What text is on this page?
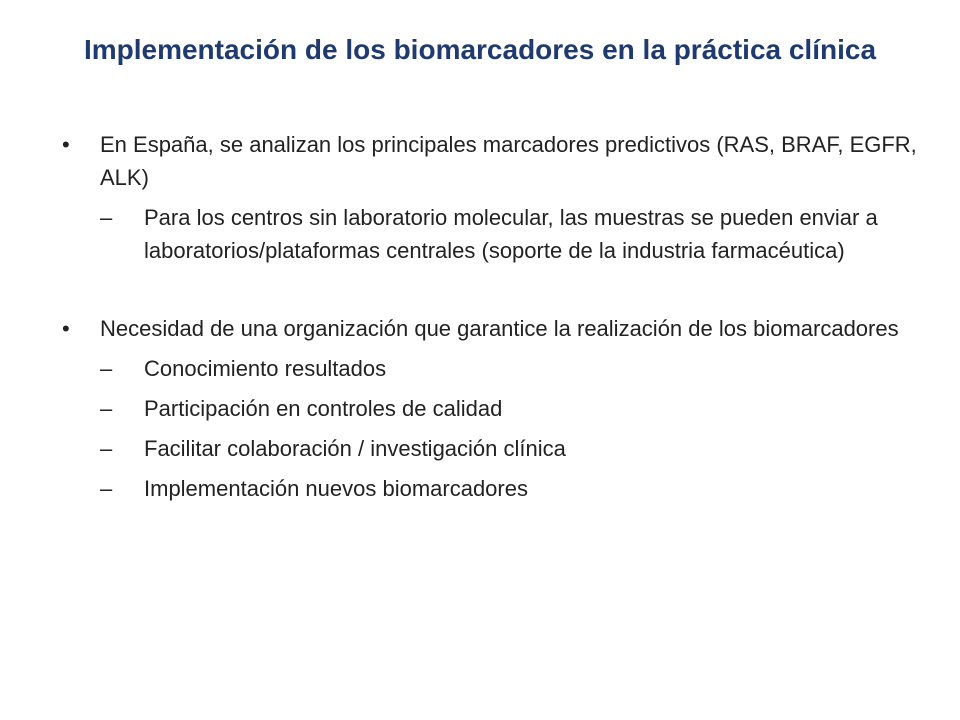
Implementación de los biomarcadores en la práctica clínica
•	En España, se analizan los principales marcadores predictivos (RAS, BRAF, EGFR, ALK)
–	Para los centros sin laboratorio molecular, las muestras se pueden enviar a laboratorios/plataformas centrales (soporte de la industria farmacéutica)
•	Necesidad de una organización que garantice la realización de los biomarcadores
–	Conocimiento resultados
–	Participación en controles de calidad
–	Facilitar colaboración / investigación clínica
–	Implementación nuevos biomarcadores
